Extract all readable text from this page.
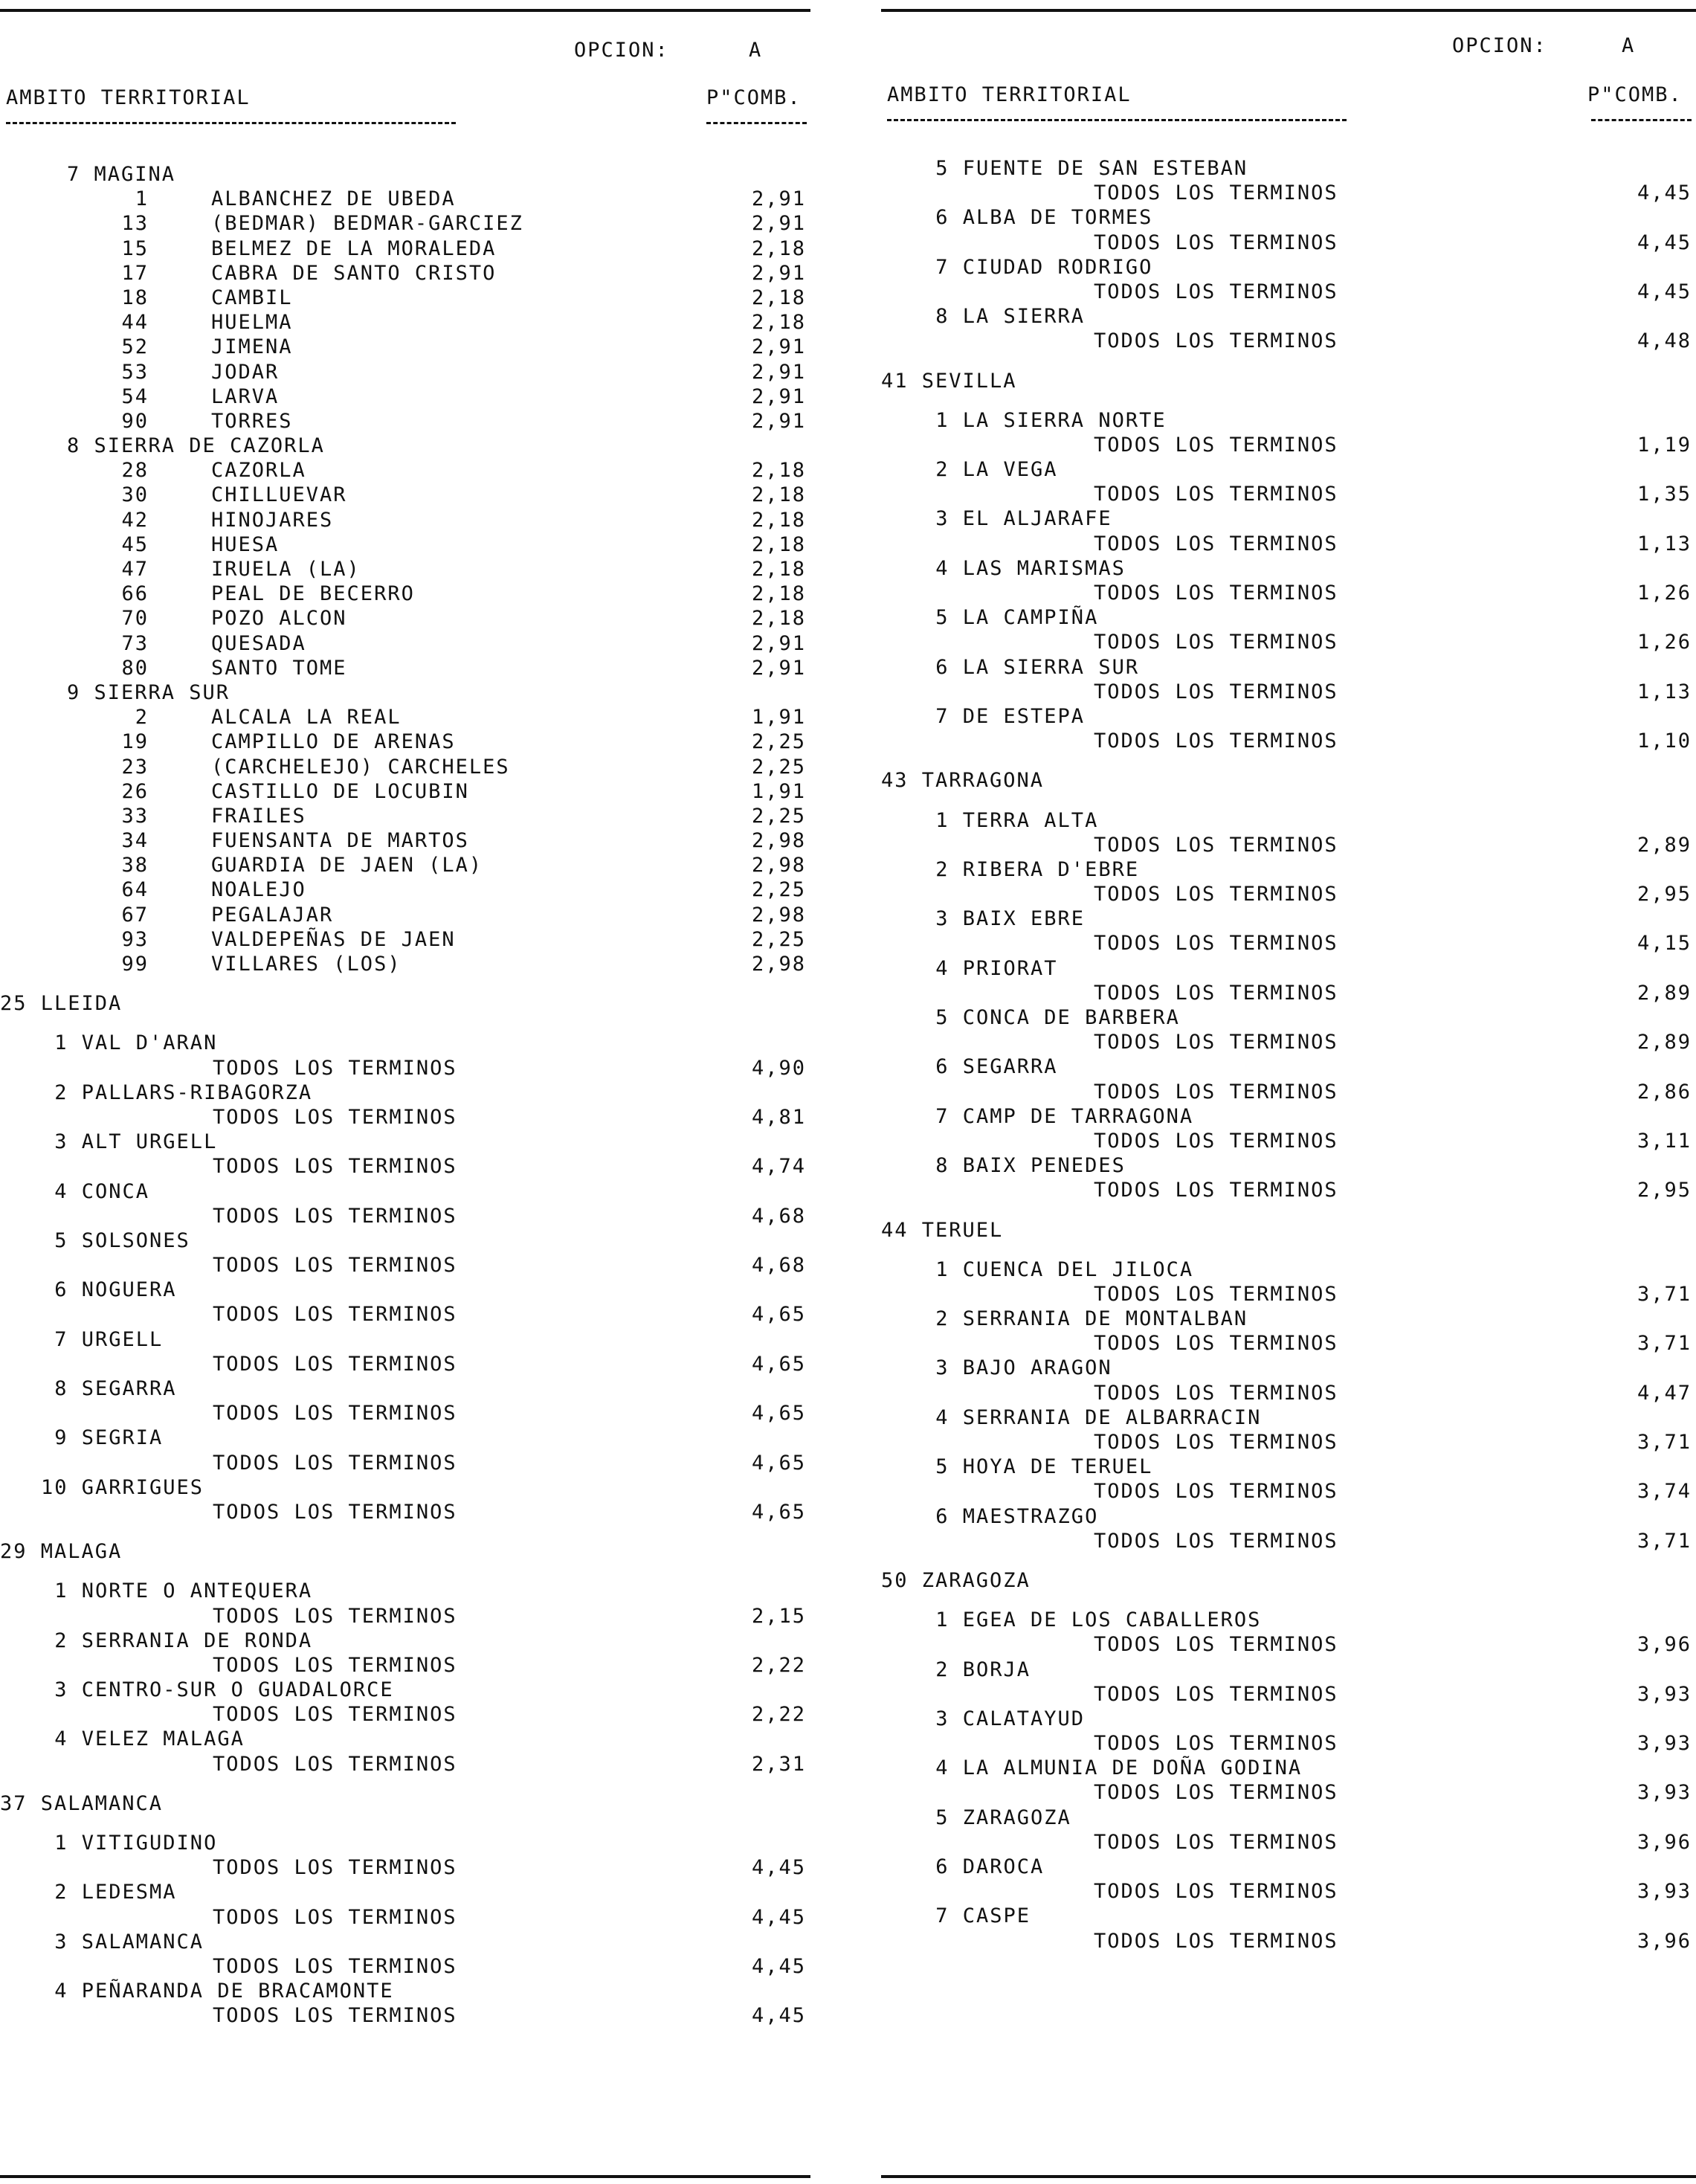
OPCION:	A
AMBITO TERRITORIAL	P"COMB.
7 MAGINA
1	ALBANCHEZ DE UBEDA	2,91
13	(BEDMAR) BEDMAR-GARCIEZ	2,91
15	BELMEZ DE LA MORALEDA	2,18
17	CABRA DE SANTO CRISTO	2,91
18	CAMBIL	2,18
44	HUELMA	2,18
52	JIMENA	2,91
53	JODAR	2,91
54	LARVA	2,91
90	TORRES	2,91
8 SIERRA DE CAZORLA
28	CAZORLA	2,18
30	CHILLUEVAR	2,18
42	HINOJARES	2,18
45	HUESA	2,18
47	IRUELA (LA)	2,18
66	PEAL DE BECERRO	2,18
70	POZO ALCON	2,18
73	QUESADA	2,91
80	SANTO TOME	2,91
9 SIERRA SUR
2	ALCALA LA REAL	1,91
19	CAMPILLO DE ARENAS	2,25
23	(CARCHELEJO) CARCHELES	2,25
26	CASTILLO DE LOCUBIN	1,91
33	FRAILES	2,25
34	FUENSANTA DE MARTOS	2,98
38	GUARDIA DE JAEN (LA)	2,98
64	NOALEJO	2,25
67	PEGALAJAR	2,98
93	VALDEPEÑAS DE JAEN	2,25
99	VILLARES (LOS)	2,98
25 LLEIDA
1 VAL D'ARAN
TODOS LOS TERMINOS	4,90
2 PALLARS-RIBAGORZA
TODOS LOS TERMINOS	4,81
3 ALT URGELL
TODOS LOS TERMINOS	4,74
4 CONCA
TODOS LOS TERMINOS	4,68
5 SOLSONES
TODOS LOS TERMINOS	4,68
6 NOGUERA
TODOS LOS TERMINOS	4,65
7 URGELL
TODOS LOS TERMINOS	4,65
8 SEGARRA
TODOS LOS TERMINOS	4,65
9 SEGRIA
TODOS LOS TERMINOS	4,65
10 GARRIGUES
TODOS LOS TERMINOS	4,65
29 MALAGA
1 NORTE O ANTEQUERA
TODOS LOS TERMINOS	2,15
2 SERRANIA DE RONDA
TODOS LOS TERMINOS	2,22
3 CENTRO-SUR O GUADALORCE
TODOS LOS TERMINOS	2,22
4 VELEZ MALAGA
TODOS LOS TERMINOS	2,31
37 SALAMANCA
1 VITIGUDINO
TODOS LOS TERMINOS	4,45
2 LEDESMA
TODOS LOS TERMINOS	4,45
3 SALAMANCA
TODOS LOS TERMINOS	4,45
4 PEÑARANDA DE BRACAMONTE
TODOS LOS TERMINOS	4,45
OPCION:	A
AMBITO TERRITORIAL	P"COMB.
5 FUENTE DE SAN ESTEBAN
TODOS LOS TERMINOS	4,45
6 ALBA DE TORMES
TODOS LOS TERMINOS	4,45
7 CIUDAD RODRIGO
TODOS LOS TERMINOS	4,45
8 LA SIERRA
TODOS LOS TERMINOS	4,48
41 SEVILLA
1 LA SIERRA NORTE
TODOS LOS TERMINOS	1,19
2 LA VEGA
TODOS LOS TERMINOS	1,35
3 EL ALJARAFE
TODOS LOS TERMINOS	1,13
4 LAS MARISMAS
TODOS LOS TERMINOS	1,26
5 LA CAMPIÑA
TODOS LOS TERMINOS	1,26
6 LA SIERRA SUR
TODOS LOS TERMINOS	1,13
7 DE ESTEPA
TODOS LOS TERMINOS	1,10
43 TARRAGONA
1 TERRA ALTA
TODOS LOS TERMINOS	2,89
2 RIBERA D'EBRE
TODOS LOS TERMINOS	2,95
3 BAIX EBRE
TODOS LOS TERMINOS	4,15
4 PRIORAT
TODOS LOS TERMINOS	2,89
5 CONCA DE BARBERA
TODOS LOS TERMINOS	2,89
6 SEGARRA
TODOS LOS TERMINOS	2,86
7 CAMP DE TARRAGONA
TODOS LOS TERMINOS	3,11
8 BAIX PENEDES
TODOS LOS TERMINOS	2,95
44 TERUEL
1 CUENCA DEL JILOCA
TODOS LOS TERMINOS	3,71
2 SERRANIA DE MONTALBAN
TODOS LOS TERMINOS	3,71
3 BAJO ARAGON
TODOS LOS TERMINOS	4,47
4 SERRANIA DE ALBARRACIN
TODOS LOS TERMINOS	3,71
5 HOYA DE TERUEL
TODOS LOS TERMINOS	3,74
6 MAESTRAZGO
TODOS LOS TERMINOS	3,71
50 ZARAGOZA
1 EGEA DE LOS CABALLEROS
TODOS LOS TERMINOS	3,96
2 BORJA
TODOS LOS TERMINOS	3,93
3 CALATAYUD
TODOS LOS TERMINOS	3,93
4 LA ALMUNIA DE DOÑA GODINA
TODOS LOS TERMINOS	3,93
5 ZARAGOZA
TODOS LOS TERMINOS	3,96
6 DAROCA
TODOS LOS TERMINOS	3,93
7 CASPE
TODOS LOS TERMINOS	3,96
